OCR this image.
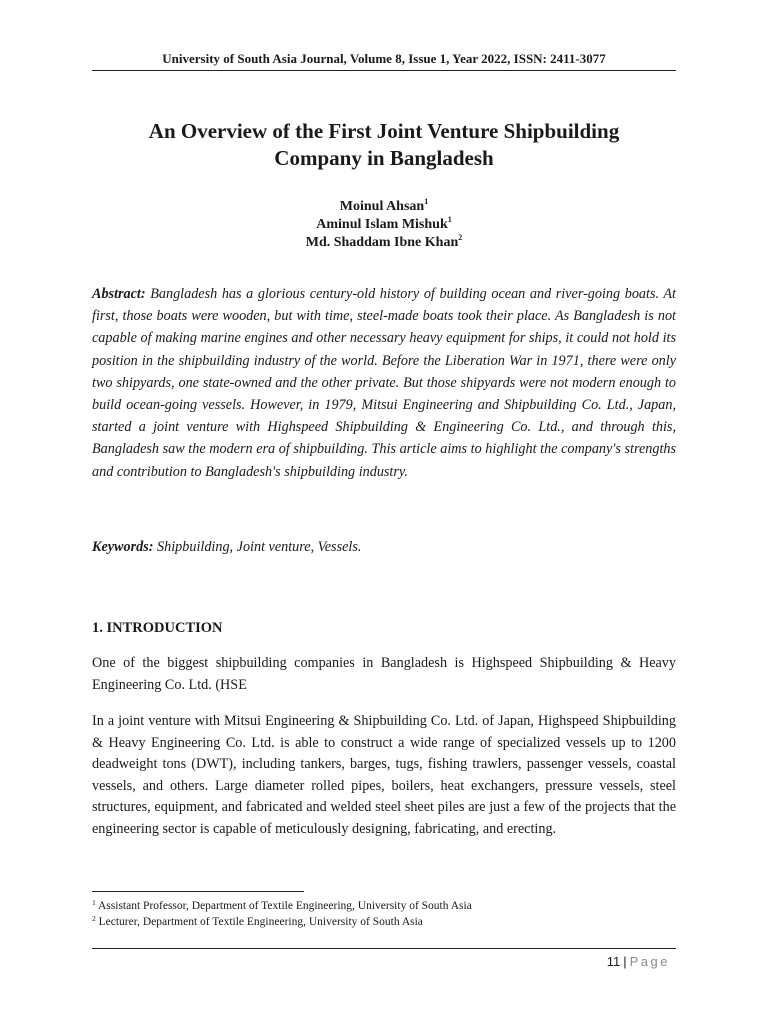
University of South Asia Journal, Volume 8, Issue 1, Year 2022, ISSN: 2411-3077
An Overview of the First Joint Venture Shipbuilding
Company in Bangladesh
Moinul Ahsan$^1$
Aminul Islam Mishuk$^1$
Md. Shaddam Ibne Khan$^2$
Abstract: Bangladesh has a glorious century-old history of building ocean and river-going boats. At first, those boats were wooden, but with time, steel-made boats took their place. As Bangladesh is not capable of making marine engines and other necessary heavy equipment for ships, it could not hold its position in the shipbuilding industry of the world. Before the Liberation War in 1971, there were only two shipyards, one state-owned and the other private. But those shipyards were not modern enough to build ocean-going vessels. However, in 1979, Mitsui Engineering and Shipbuilding Co. Ltd., Japan, started a joint venture with Highspeed Shipbuilding & Engineering Co. Ltd., and through this, Bangladesh saw the modern era of shipbuilding. This article aims to highlight the company's strengths and contribution to Bangladesh's shipbuilding industry.
Keywords: Shipbuilding, Joint venture, Vessels.
1. INTRODUCTION
One of the biggest shipbuilding companies in Bangladesh is Highspeed Shipbuilding & Heavy Engineering Co. Ltd. (HSE
In a joint venture with Mitsui Engineering & Shipbuilding Co. Ltd. of Japan, Highspeed Shipbuilding & Heavy Engineering Co. Ltd. is able to construct a wide range of specialized vessels up to 1200 deadweight tons (DWT), including tankers, barges, tugs, fishing trawlers, passenger vessels, coastal vessels, and others. Large diameter rolled pipes, boilers, heat exchangers, pressure vessels, steel structures, equipment, and fabricated and welded steel sheet piles are just a few of the projects that the engineering sector is capable of meticulously designing, fabricating, and erecting.
$^1$ Assistant Professor, Department of Textile Engineering, University of South Asia
$^2$ Lecturer, Department of Textile Engineering, University of South Asia
11 | Page
